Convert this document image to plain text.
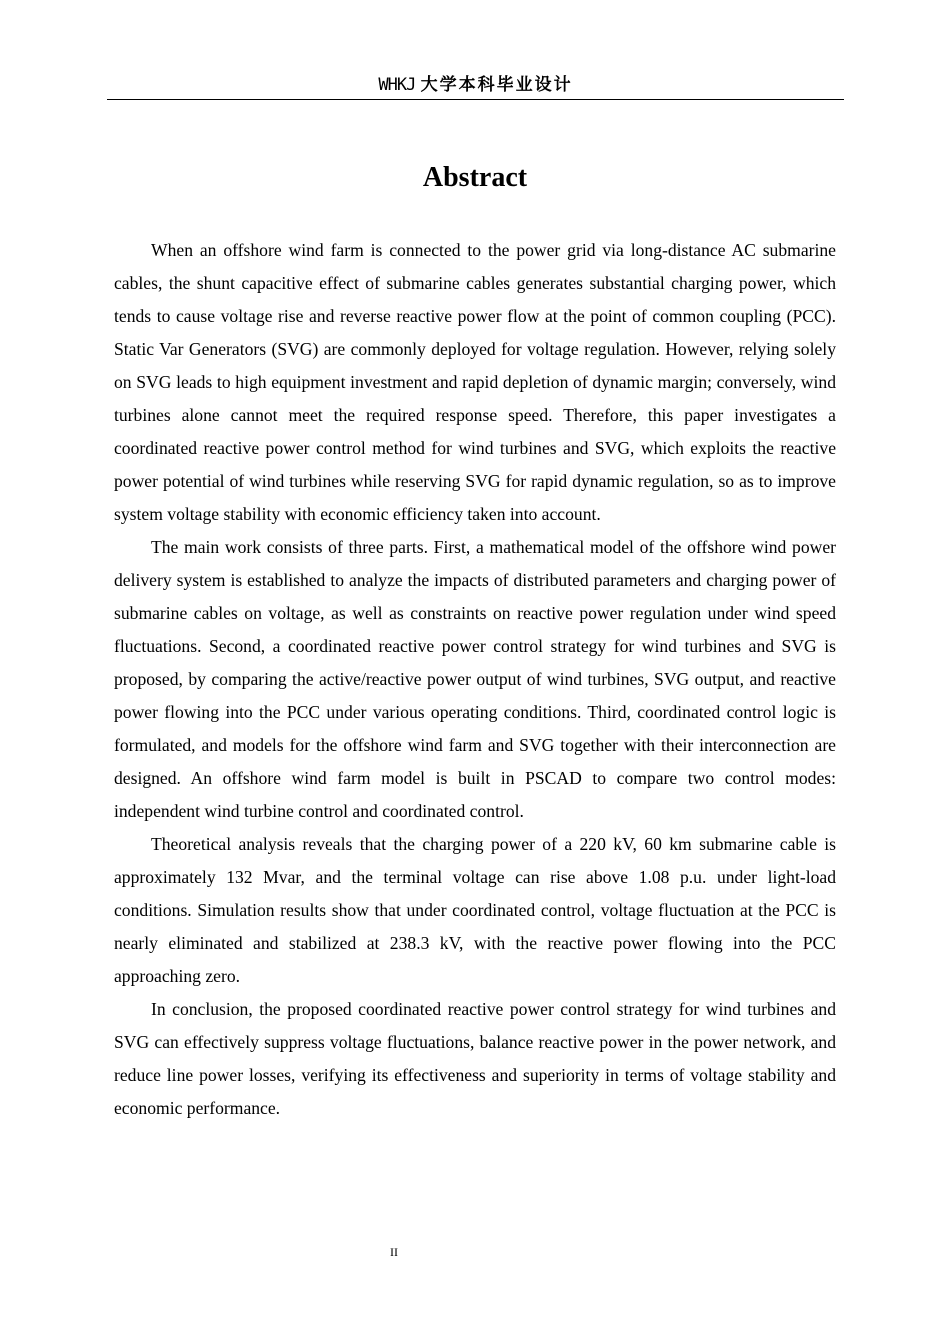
WHKJ 大学本科毕业设计
Abstract

When an offshore wind farm is connected to the power grid via long-distance AC submarine cables, the shunt capacitive effect of submarine cables generates substantial charging power, which tends to cause voltage rise and reverse reactive power flow at the point of common coupling (PCC). Static Var Generators (SVG) are commonly deployed for voltage regulation. However, relying solely on SVG leads to high equipment investment and rapid depletion of dynamic margin; conversely, wind turbines alone cannot meet the required response speed. Therefore, this paper investigates a coordinated reactive power control method for wind turbines and SVG, which exploits the reactive power potential of wind turbines while reserving SVG for rapid dynamic regulation, so as to improve system voltage stability with economic efficiency taken into account.

The main work consists of three parts. First, a mathematical model of the offshore wind power delivery system is established to analyze the impacts of distributed parameters and charging power of submarine cables on voltage, as well as constraints on reactive power regulation under wind speed fluctuations. Second, a coordinated reactive power control strategy for wind turbines and SVG is proposed, by comparing the active/reactive power output of wind turbines, SVG output, and reactive power flowing into the PCC under various operating conditions. Third, coordinated control logic is formulated, and models for the offshore wind farm and SVG together with their interconnection are designed. An offshore wind farm model is built in PSCAD to compare two control modes: independent wind turbine control and coordinated control.

Theoretical analysis reveals that the charging power of a 220 kV, 60 km submarine cable is approximately 132 Mvar, and the terminal voltage can rise above 1.08 p.u. under light-load conditions. Simulation results show that under coordinated control, voltage fluctuation at the PCC is nearly eliminated and stabilized at 238.3 kV, with the reactive power flowing into the PCC approaching zero.

In conclusion, the proposed coordinated reactive power control strategy for wind turbines and SVG can effectively suppress voltage fluctuations, balance reactive power in the power network, and reduce line power losses, verifying its effectiveness and superiority in terms of voltage stability and economic performance.

II
